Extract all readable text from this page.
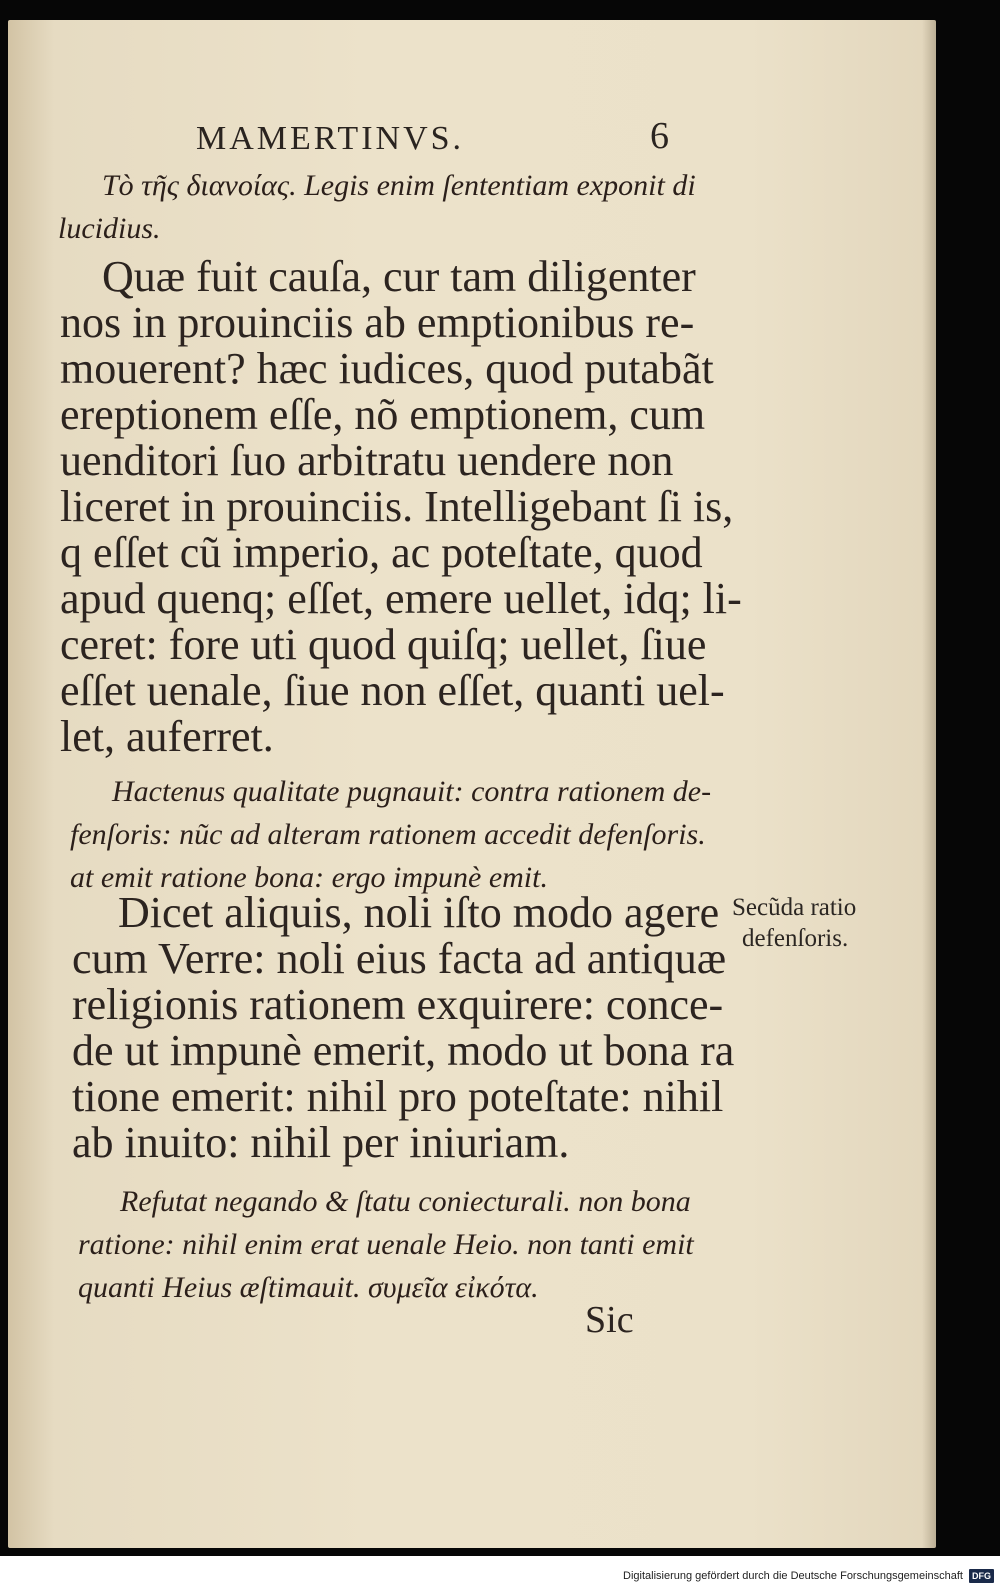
MAMERTINVS.	6

Tò τῆς διανοίας. Legis enim ſententiam exponit di
lucidius.

Quæ fuit cauſa, cur tam diligenter
nos in prouinciis ab emptionibus re-
mouerent? hæc iudices, quod putabãt
ereptionem eſſe, nõ emptionem, cum
uenditori ſuo arbitratu uendere non
liceret in prouinciis. Intelligebant ſi is,
q eſſet cũ imperio, ac poteſtate, quod
apud quenq; eſſet, emere uellet, idq; li-
ceret: fore uti quod quiſq; uellet, ſiue
eſſet uenale, ſiue non eſſet, quanti uel-
let, auferret.

Hactenus qualitate pugnauit: contra rationem de-
fenſoris: nũc ad alteram rationem accedit defenſoris.
at emit ratione bona: ergo impunè emit.

Dicet aliquis, noli iſto modo agere
cum Verre: noli eius facta ad antiquæ
religionis rationem exquirere: conce-
de ut impunè emerit, modo ut bona ra
tione emerit: nihil pro poteſtate: nihil
ab inuito: nihil per iniuriam.

Secũda ratio
defenſoris.

Refutat negando & ſtatu coniecturali. non bona
ratione: nihil enim erat uenale Heio. non tanti emit
quanti Heius æſtimauit. συμεῖα εἰκότα.

Sic
Digitalisierung gefördert durch die Deutsche Forschungsgemeinschaft	DFG
